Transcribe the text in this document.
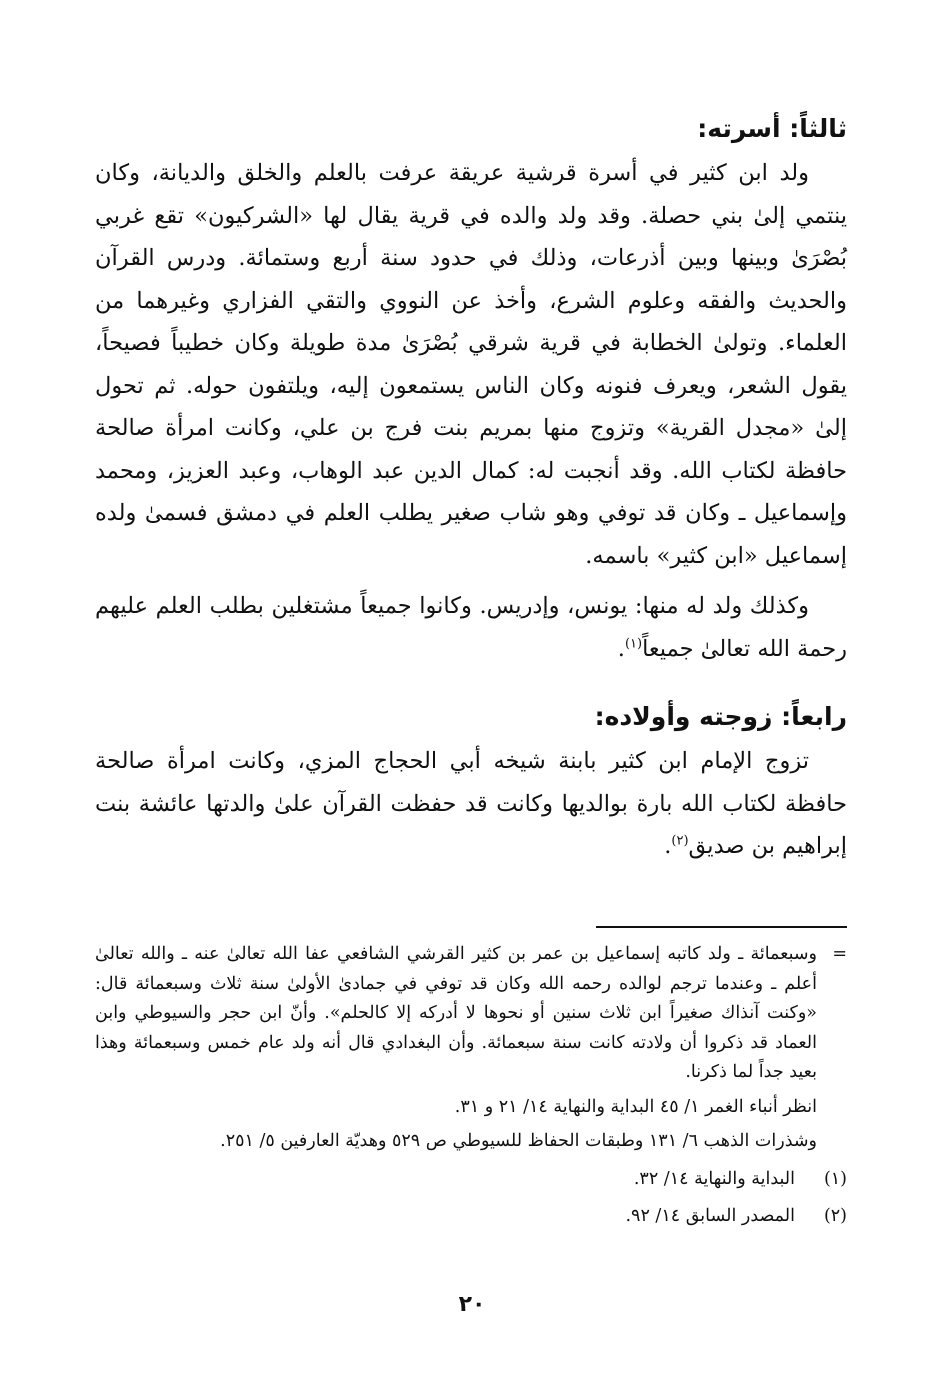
ثالثاً: أسرته:

ولد ابن كثير في أسرة قرشية عريقة عرفت بالعلم والخلق والديانة، وكان ينتمي إلىٰ بني حصلة. وقد ولد والده في قرية يقال لها «الشركيون» تقع غربي بُصْرَىٰ وبينها وبين أذرعات، وذلك في حدود سنة أربع وستمائة. ودرس القرآن والحديث والفقه وعلوم الشرع، وأخذ عن النووي والتقي الفزاري وغيرهما من العلماء. وتولىٰ الخطابة في قرية شرقي بُصْرَىٰ مدة طويلة وكان خطيباً فصيحاً، يقول الشعر، ويعرف فنونه وكان الناس يستمعون إليه، ويلتفون حوله. ثم تحول إلىٰ «مجدل القرية» وتزوج منها بمريم بنت فرج بن علي، وكانت امرأة صالحة حافظة لكتاب الله. وقد أنجبت له: كمال الدين عبد الوهاب، وعبد العزيز، ومحمد وإسماعيل ـ وكان قد توفي وهو شاب صغير يطلب العلم في دمشق فسمىٰ ولده إسماعيل «ابن كثير» باسمه.

وكذلك ولد له منها: يونس، وإدريس. وكانوا جميعاً مشتغلين بطلب العلم عليهم رحمة الله تعالىٰ جميعاً$^{(١)}$.

رابعاً: زوجته وأولاده:

تزوج الإمام ابن كثير بابنة شيخه أبي الحجاج المزي، وكانت امرأة صالحة حافظة لكتاب الله بارة بوالديها وكانت قد حفظت القرآن علىٰ والدتها عائشة بنت إبراهيم بن صديق$^{(٢)}$.

=

وسبعمائة ـ ولد كاتبه إسماعيل بن عمر بن كثير القرشي الشافعي عفا الله تعالىٰ عنه ـ والله تعالىٰ أعلم ـ وعندما ترجم لوالده رحمه الله وكان قد توفي في جمادىٰ الأولىٰ سنة ثلاث وسبعمائة قال: «وكنت آنذاك صغيراً ابن ثلاث سنين أو نحوها لا أدركه إلا كالحلم». وأنّ ابن حجر والسيوطي وابن العماد قد ذكروا أن ولادته كانت سنة سبعمائة. وأن البغدادي قال أنه ولد عام خمس وسبعمائة وهذا بعيد جداً لما ذكرنا.

انظر أنباء الغمر ١/ ٤٥ البداية والنهاية ١٤/ ٢١ و ٣١.

وشذرات الذهب ٦/ ١٣١ وطبقات الحفاظ للسيوطي ص ٥٢٩ وهديّة العارفين ٥/ ٢٥١.

(١)
البداية والنهاية ١٤/ ٣٢.
(٢)
المصدر السابق ١٤/ ٩٢.
٢٠
